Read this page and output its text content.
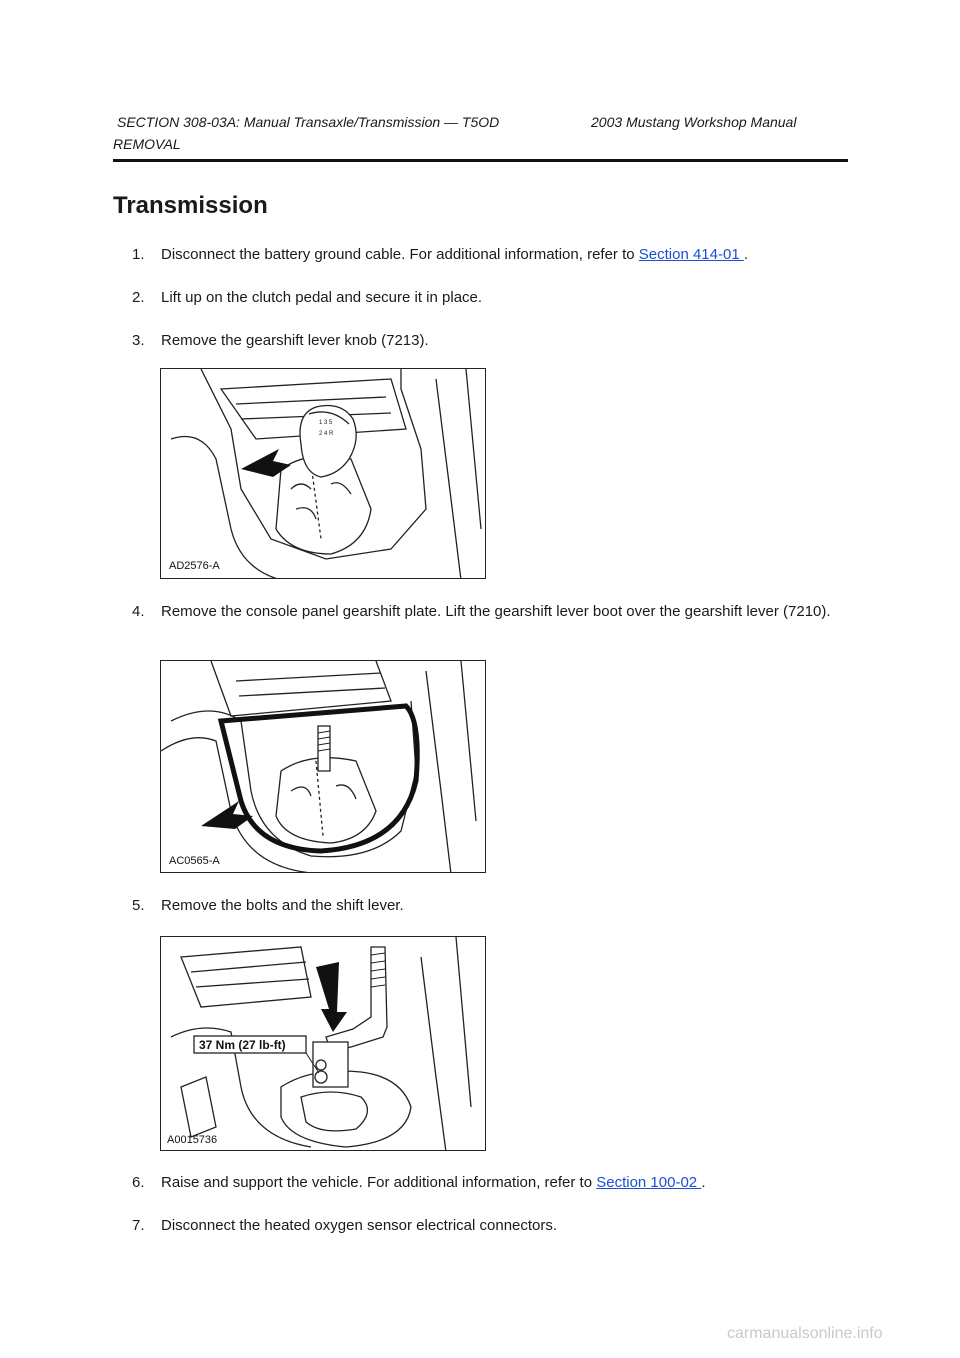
SECTION 308-03A: Manual Transaxle/Transmission — T5OD	2003 Mustang Workshop Manual
REMOVAL
Transmission
1. Disconnect the battery ground cable. For additional information, refer to Section 414-01 .
2. Lift up on the clutch pedal and secure it in place.
3. Remove the gearshift lever knob (7213).
1 3 5
2 4 R
AD2576-A
4. Remove the console panel gearshift plate. Lift the gearshift lever boot over the gearshift lever (7210).
AC0565-A
5. Remove the bolts and the shift lever.
37 Nm (27 lb-ft)
A0015736
6. Raise and support the vehicle. For additional information, refer to Section 100-02 .
7. Disconnect the heated oxygen sensor electrical connectors.
carmanualsonline.info
